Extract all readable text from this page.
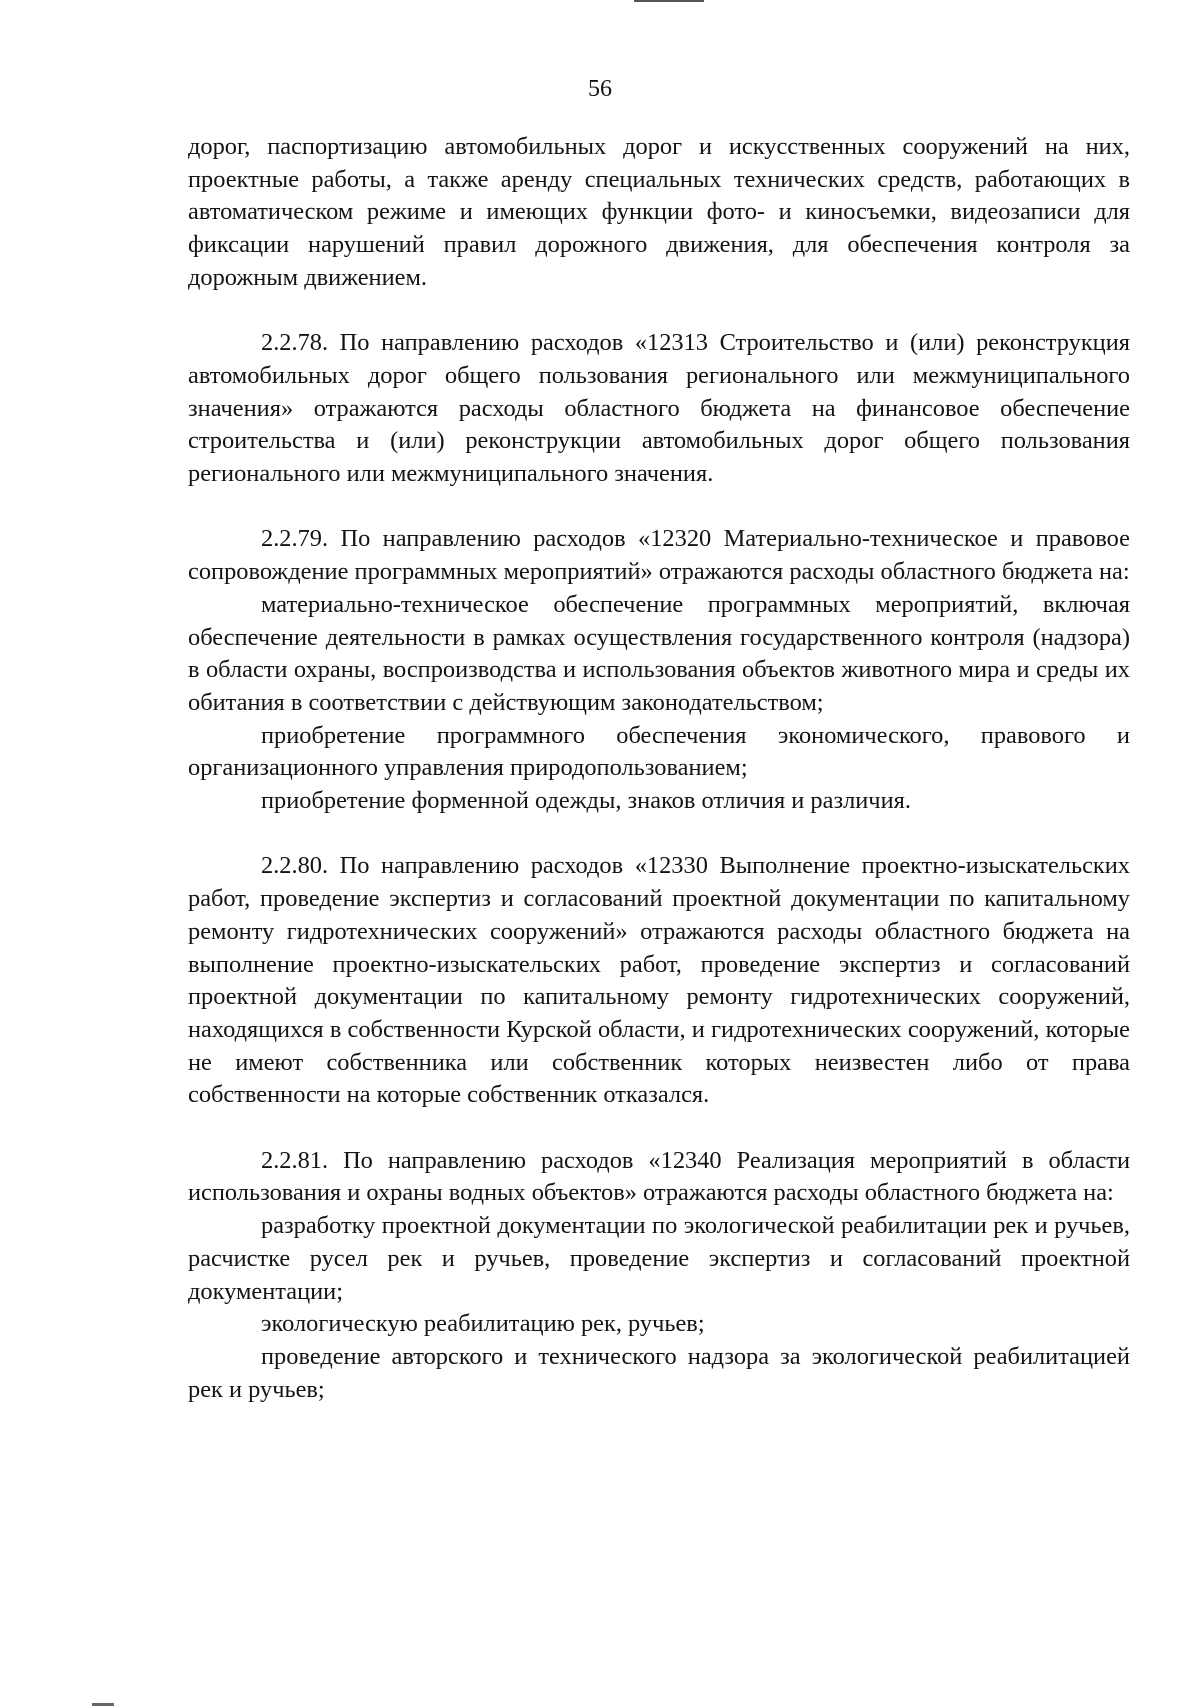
56

дорог, паспортизацию автомобильных дорог и искусственных сооружений на них, проектные работы, а также аренду специальных технических средств, работающих в автоматическом режиме и имеющих функции фото- и киносъемки, видеозаписи для фиксации нарушений правил дорожного движения, для обеспечения контроля за дорожным движением.

2.2.78. По направлению расходов «12313 Строительство и (или) реконструкция автомобильных дорог общего пользования регионального или межмуниципального значения» отражаются расходы областного бюджета на финансовое обеспечение строительства и (или) реконструкции автомобильных дорог общего пользования регионального или межмуниципального значения.

2.2.79. По направлению расходов «12320 Материально-техническое и правовое сопровождение программных мероприятий» отражаются расходы областного бюджета на:

материально-техническое обеспечение программных мероприятий, включая обеспечение деятельности в рамках осуществления государственного контроля (надзора) в области охраны, воспроизводства и использования объектов животного мира и среды их обитания в соответствии с действующим законодательством;

приобретение программного обеспечения экономического, правового и организационного управления природопользованием;

приобретение форменной одежды, знаков отличия и различия.

2.2.80. По направлению расходов «12330 Выполнение проектно-изыскательских работ, проведение экспертиз и согласований проектной документации по капитальному ремонту гидротехнических сооружений» отражаются расходы областного бюджета на выполнение проектно-изыскательских работ, проведение экспертиз и согласований проектной документации по капитальному ремонту гидротехнических сооружений, находящихся в собственности Курской области, и гидротехнических сооружений, которые не имеют собственника или собственник которых неизвестен либо от права собственности на которые собственник отказался.

2.2.81. По направлению расходов «12340 Реализация мероприятий в области использования и охраны водных объектов» отражаются расходы областного бюджета на:

разработку проектной документации по экологической реабилитации рек и ручьев, расчистке русел рек и ручьев, проведение экспертиз и согласований проектной документации;

экологическую реабилитацию рек, ручьев;

проведение авторского и технического надзора за экологической реабилитацией рек и ручьев;
